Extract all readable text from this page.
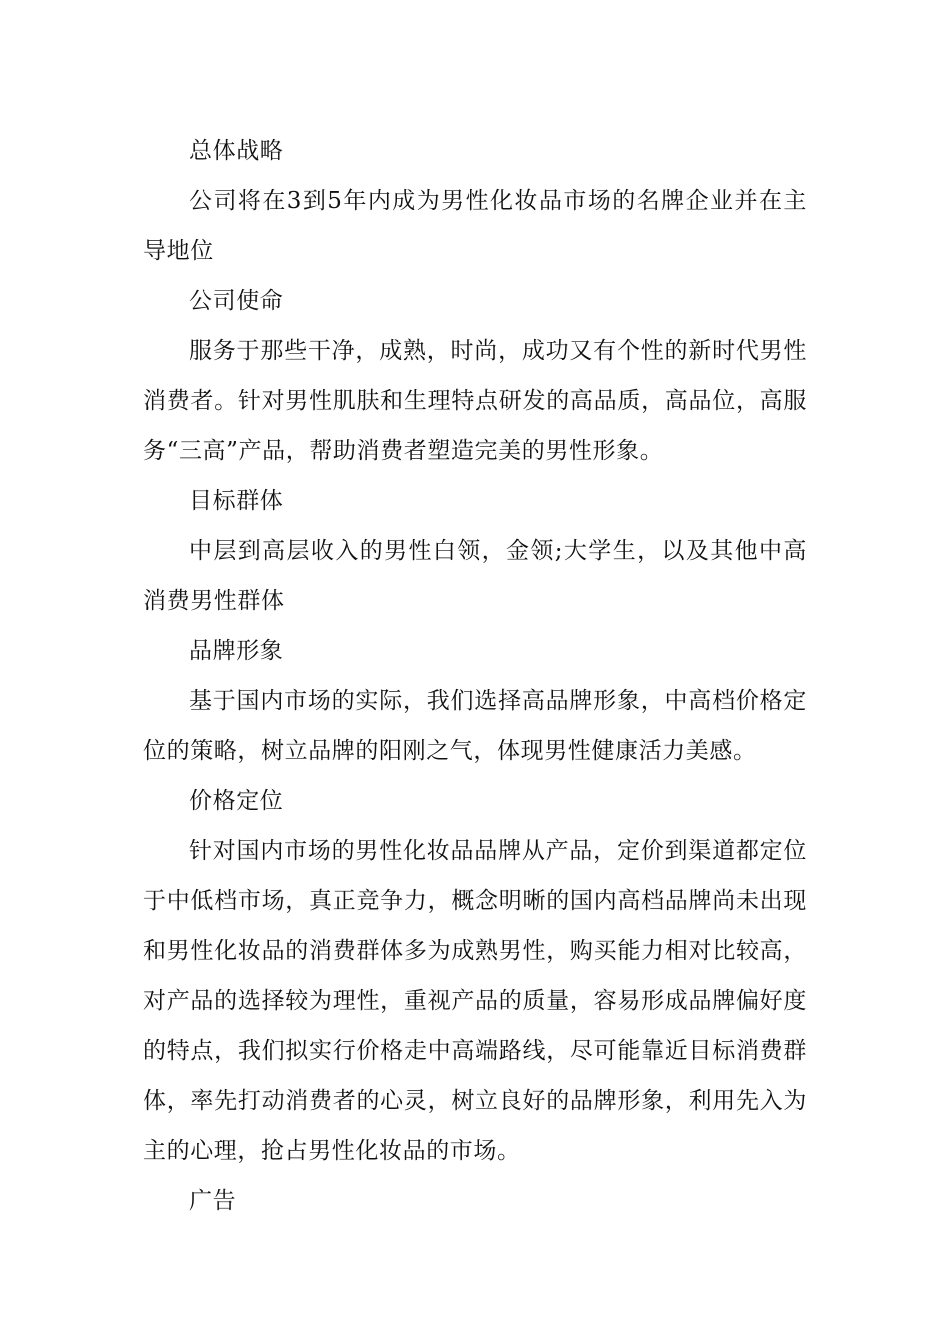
总体战略

公司将在3到5年内成为男性化妆品市场的名牌企业并在主导地位

公司使命

服务于那些干净，成熟，时尚，成功又有个性的新时代男性消费者。针对男性肌肤和生理特点研发的高品质，高品位，高服务“三高”产品，帮助消费者塑造完美的男性形象。

目标群体

中层到高层收入的男性白领，金领;大学生，以及其他中高消费男性群体

品牌形象

基于国内市场的实际，我们选择高品牌形象，中高档价格定位的策略，树立品牌的阳刚之气，体现男性健康活力美感。

价格定位

针对国内市场的男性化妆品品牌从产品，定价到渠道都定位于中低档市场，真正竞争力，概念明晰的国内高档品牌尚未出现和男性化妆品的消费群体多为成熟男性，购买能力相对比较高，对产品的选择较为理性，重视产品的质量，容易形成品牌偏好度的特点，我们拟实行价格走中高端路线，尽可能靠近目标消费群体，率先打动消费者的心灵，树立良好的品牌形象，利用先入为主的心理，抢占男性化妆品的市场。

广告
